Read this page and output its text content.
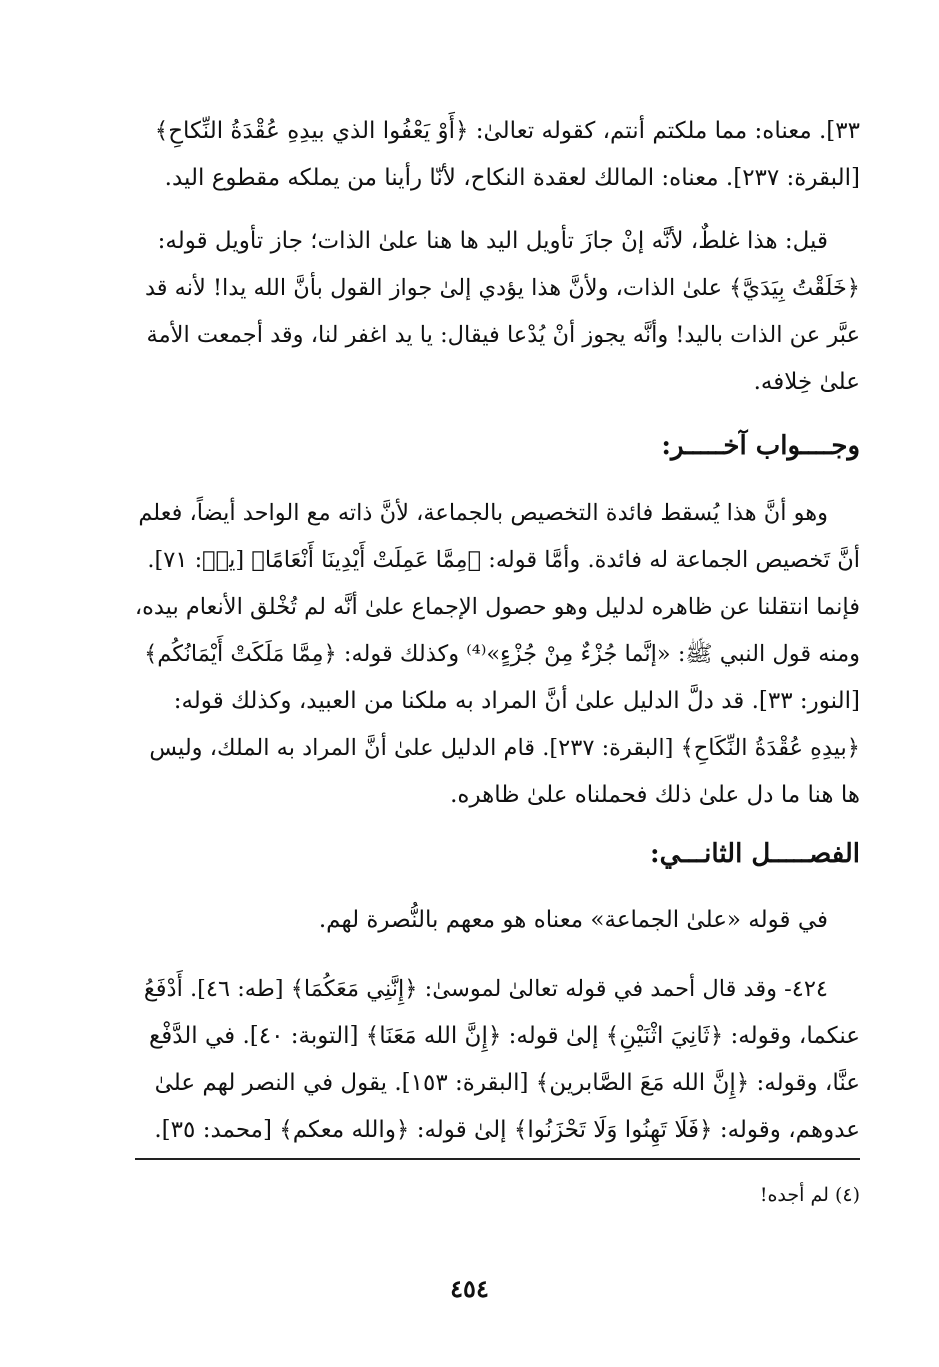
٣٣]. معناه: مما ملكتم أنتم، كقوله تعالىٰ: ﴿أَوْ يَعْفُوا الذي بيدِهِ عُقْدَةُ النِّكاحِ﴾
[البقرة: ٢٣٧]. معناه: المالك لعقدة النكاح، لأنّا رأينا من يملكه مقطوع اليد.
قيل: هذا غلطٌ، لأنَّه إنْ جازَ تأويل اليد ها هنا علىٰ الذات؛ جاز تأويل قوله:
﴿خَلَقْتُ بِيَدَيَّ﴾ علىٰ الذات، ولأنَّ هذا يؤدي إلىٰ جواز القول بأنَّ الله يدا! لأنه قد
عبَّر عن الذات باليد! وأنَّه يجوز أنْ يُدْعا فيقال: يا يد اغفر لنا، وقد أجمعت الأمة
علىٰ خِلافه.
وجــــواب آخـــــر:
وهو أنَّ هذا يُسقط فائدة التخصيص بالجماعة، لأنَّ ذاته مع الواحد أيضاً، فعلم
أنَّ تَخصيص الجماعة له فائدة. وأمَّا قوله: ﴿مِمَّا عَمِلَتْ أَيْدِينَا أَنْعَامًا﴾ [يسۤ: ٧١].
فإنما انتقلنا عن ظاهره لدليل وهو حصول الإجماع علىٰ أنَّه لم تُخْلق الأنعام بيده،
ومنه قول النبي ﷺ: «إنَّما جُزْءٌ مِنْ جُزْءٍ»⁽⁴⁾ وكذلك قوله: ﴿مِمَّا مَلَكَتْ أَيْمَانُكُم﴾
[النور: ٣٣]. قد دلَّ الدليل علىٰ أنَّ المراد به ملكنا من العبيد، وكذلك قوله:
﴿بيدِهِ عُقْدَةُ النِّكَاحِ﴾ [البقرة: ٢٣٧]. قام الدليل علىٰ أنَّ المراد به الملك، وليس
ها هنا ما دل علىٰ ذلك فحملناه علىٰ ظاهره.
الفصـــــل الثانـــي:
في قوله «علىٰ الجماعة» معناه هو معهم بالنُّصرة لهم.
٤٢٤- وقد قال أحمد في قوله تعالىٰ لموسىٰ: ﴿إِنَّنِي مَعَكُمَا﴾ [طه: ٤٦]. أَدْفَعُ
عنكما، وقوله: ﴿ثَانِيَ اثْنَيْنِ﴾ إلىٰ قوله: ﴿إِنَّ الله مَعَنَا﴾ [التوبة: ٤٠]. في الدَّفْع
عنَّا، وقوله: ﴿إِنَّ الله مَعَ الصَّابرين﴾ [البقرة: ١٥٣]. يقول في النصر لهم علىٰ
عدوهم، وقوله: ﴿فَلَا تَهِنُوا وَلَا تَحْزَنُوا﴾ إلىٰ قوله: ﴿والله معكم﴾ [محمد: ٣٥].
(٤) لم أجده!
٤٥٤
